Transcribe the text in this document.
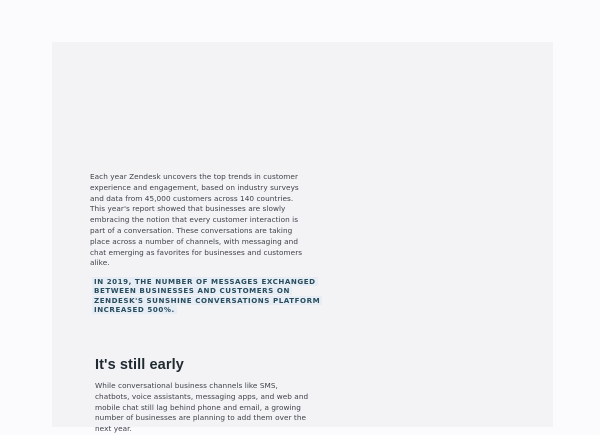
Each year Zendesk uncovers the top trends in customer experience and engagement, based on industry surveys and data from 45,000 customers across 140 countries. This year's report showed that businesses are slowly embracing the notion that every customer interaction is part of a conversation. These conversations are taking place across a number of channels, with messaging and chat emerging as favorites for businesses and customers alike.

IN 2019, THE NUMBER OF MESSAGES EXCHANGED BETWEEN BUSINESSES AND CUSTOMERS ON ZENDESK'S SUNSHINE CONVERSATIONS PLATFORM INCREASED 500%.

It's still early

While conversational business channels like SMS, chatbots, voice assistants, messaging apps, and web and mobile chat still lag behind phone and email, a growing number of businesses are planning to add them over the next year.
